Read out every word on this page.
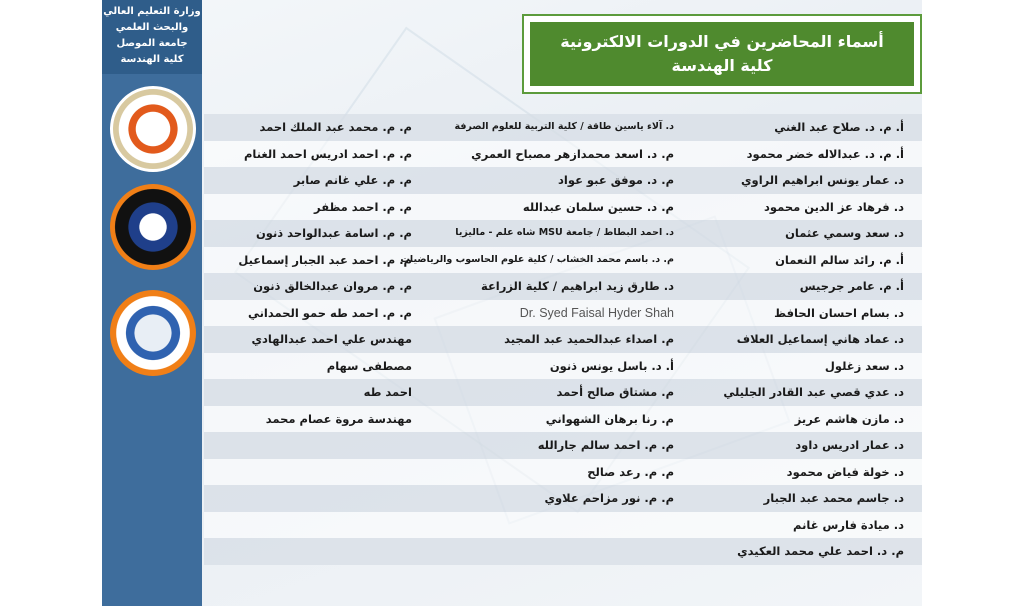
وزارة التعليم العالي
والبحث العلمي
جامعة الموصل
كلية الهندسة
أسماء المحاضرين في الدورات الالكترونية
كلية الهندسة
أ. م. د. صلاح عبد الغني
د. آلاء ياسين طاقة / كلية التربية للعلوم الصرفة
م. م. محمد عبد الملك احمد
أ. م. د. عبدالاله خضر محمود
م. د. اسعد محمدازهر مصباح العمري
م. م. احمد ادريس احمد الغنام
د. عمار يونس ابراهيم الراوي
م. د. موفق عبو عواد
م. م. علي غانم صابر
د. فرهاد عز الدين محمود
م. د. حسين سلمان عبدالله
م. م. احمد مظفر
د. سعد وسمي عثمان
د. احمد البطاط / جامعة MSU شاه علم - ماليزيا
م. م. اسامة عبدالواحد ذنون
أ. م. رائد سالم النعمان
م. د. باسم محمد الخشاب / كلية علوم الحاسوب والرياضيات
م. م. احمد عبد الجبار إسماعيل
أ. م. عامر جرجيس
د. طارق زيد ابراهيم / كلية الزراعة
م. م. مروان عبدالخالق ذنون
د. بسام احسان الحافظ
Dr. Syed Faisal Hyder Shah
م. م. احمد طه حمو الحمداني
د. عماد هاني إسماعيل العلاف
م. اصداء عبدالحميد عبد المجيد
مهندس علي احمد عبدالهادي
د. سعد زغلول
أ. د. باسل يونس ذنون
مصطفى سهام
د. عدي قصي عبد القادر الجليلي
م. مشتاق صالح أحمد
احمد طه
د. مازن هاشم عريز
م. رنا برهان الشهواني
مهندسة مروة عصام محمد
د. عمار ادريس داود
م. م. احمد سالم جارالله
د. خولة فياض محمود
م. م. رعد صالح
د. جاسم محمد عبد الجبار
م. م. نور مزاحم علاوي
د. ميادة فارس غانم
م. د. احمد علي محمد العكيدي
